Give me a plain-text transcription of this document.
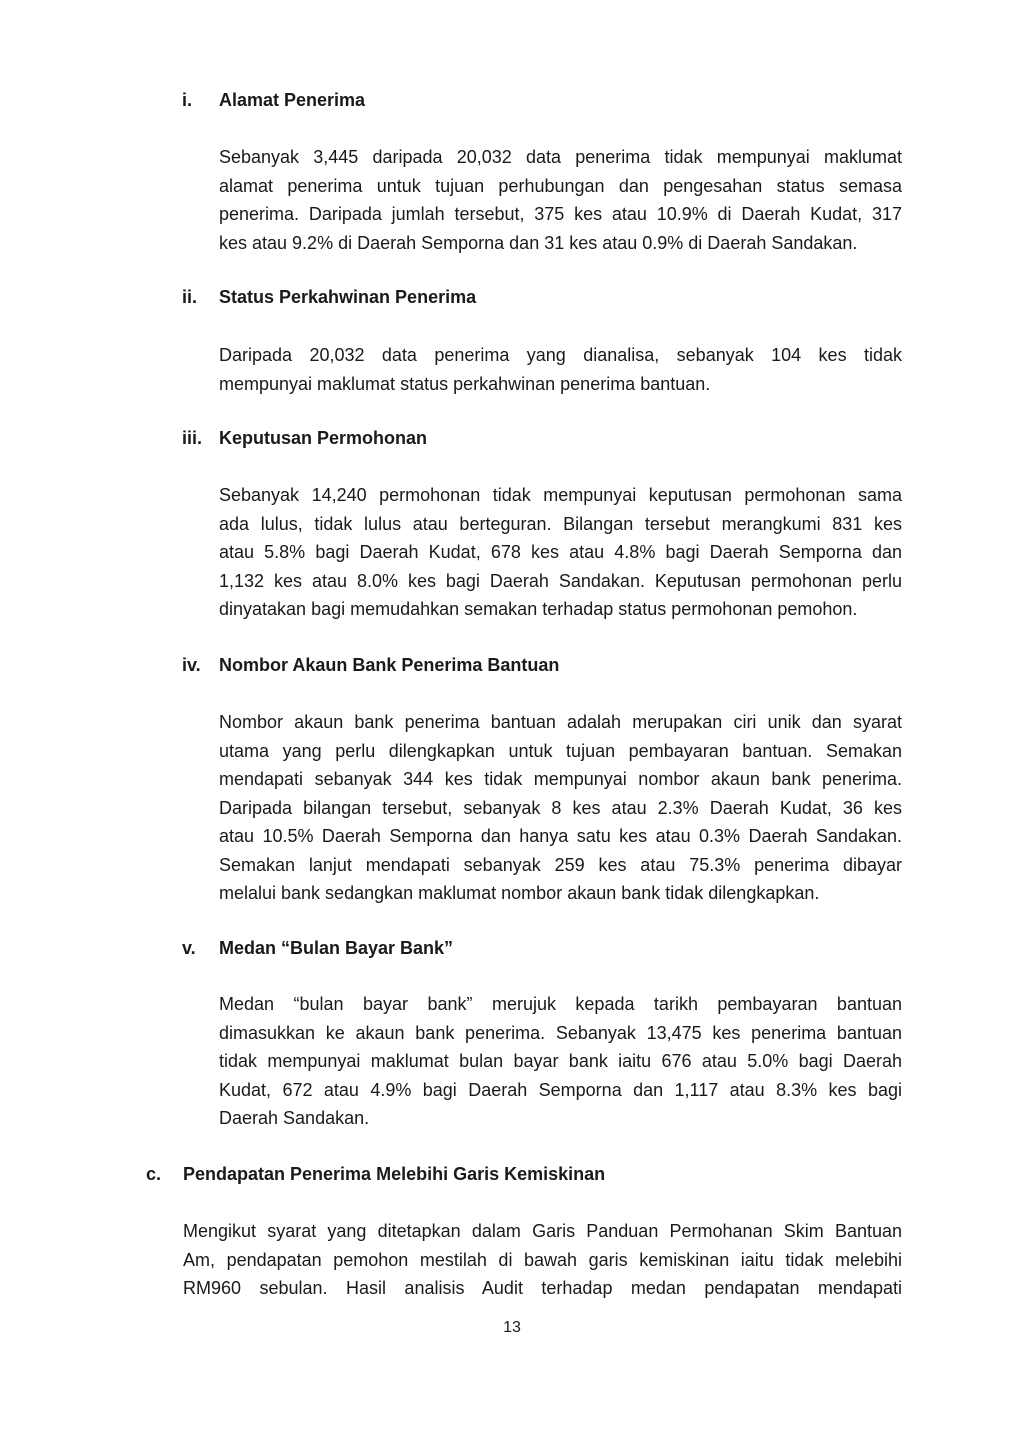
i. Alamat Penerima
Sebanyak 3,445 daripada 20,032 data penerima tidak mempunyai maklumat
alamat penerima untuk tujuan perhubungan dan pengesahan status semasa
penerima. Daripada jumlah tersebut, 375 kes atau 10.9% di Daerah Kudat, 317
kes atau 9.2% di Daerah Semporna dan 31 kes atau 0.9% di Daerah Sandakan.
ii. Status Perkahwinan Penerima
Daripada 20,032 data penerima yang dianalisa, sebanyak 104 kes tidak
mempunyai maklumat status perkahwinan penerima bantuan.
iii. Keputusan Permohonan
Sebanyak 14,240 permohonan tidak mempunyai keputusan permohonan sama
ada lulus, tidak lulus atau berteguran. Bilangan tersebut merangkumi 831 kes
atau 5.8% bagi Daerah Kudat, 678 kes atau 4.8% bagi Daerah Semporna dan
1,132 kes atau 8.0% kes bagi Daerah Sandakan. Keputusan permohonan perlu
dinyatakan bagi memudahkan semakan terhadap status permohonan pemohon.
iv. Nombor Akaun Bank Penerima Bantuan
Nombor akaun bank penerima bantuan adalah merupakan ciri unik dan syarat
utama yang perlu dilengkapkan untuk tujuan pembayaran bantuan. Semakan
mendapati sebanyak 344 kes tidak mempunyai nombor akaun bank penerima.
Daripada bilangan tersebut, sebanyak 8 kes atau 2.3% Daerah Kudat, 36 kes
atau 10.5% Daerah Semporna dan hanya satu kes atau 0.3% Daerah Sandakan.
Semakan lanjut mendapati sebanyak 259 kes atau 75.3% penerima dibayar
melalui bank sedangkan maklumat nombor akaun bank tidak dilengkapkan.
v. Medan “Bulan Bayar Bank”
Medan “bulan bayar bank” merujuk kepada tarikh pembayaran bantuan
dimasukkan ke akaun bank penerima. Sebanyak 13,475 kes penerima bantuan
tidak mempunyai maklumat bulan bayar bank iaitu 676 atau 5.0% bagi Daerah
Kudat, 672 atau 4.9% bagi Daerah Semporna dan 1,117 atau 8.3% kes bagi
Daerah Sandakan.
c. Pendapatan Penerima Melebihi Garis Kemiskinan
Mengikut syarat yang ditetapkan dalam Garis Panduan Permohanan Skim Bantuan
Am, pendapatan pemohon mestilah di bawah garis kemiskinan iaitu tidak melebihi
RM960 sebulan. Hasil analisis Audit terhadap medan pendapatan mendapati
13
